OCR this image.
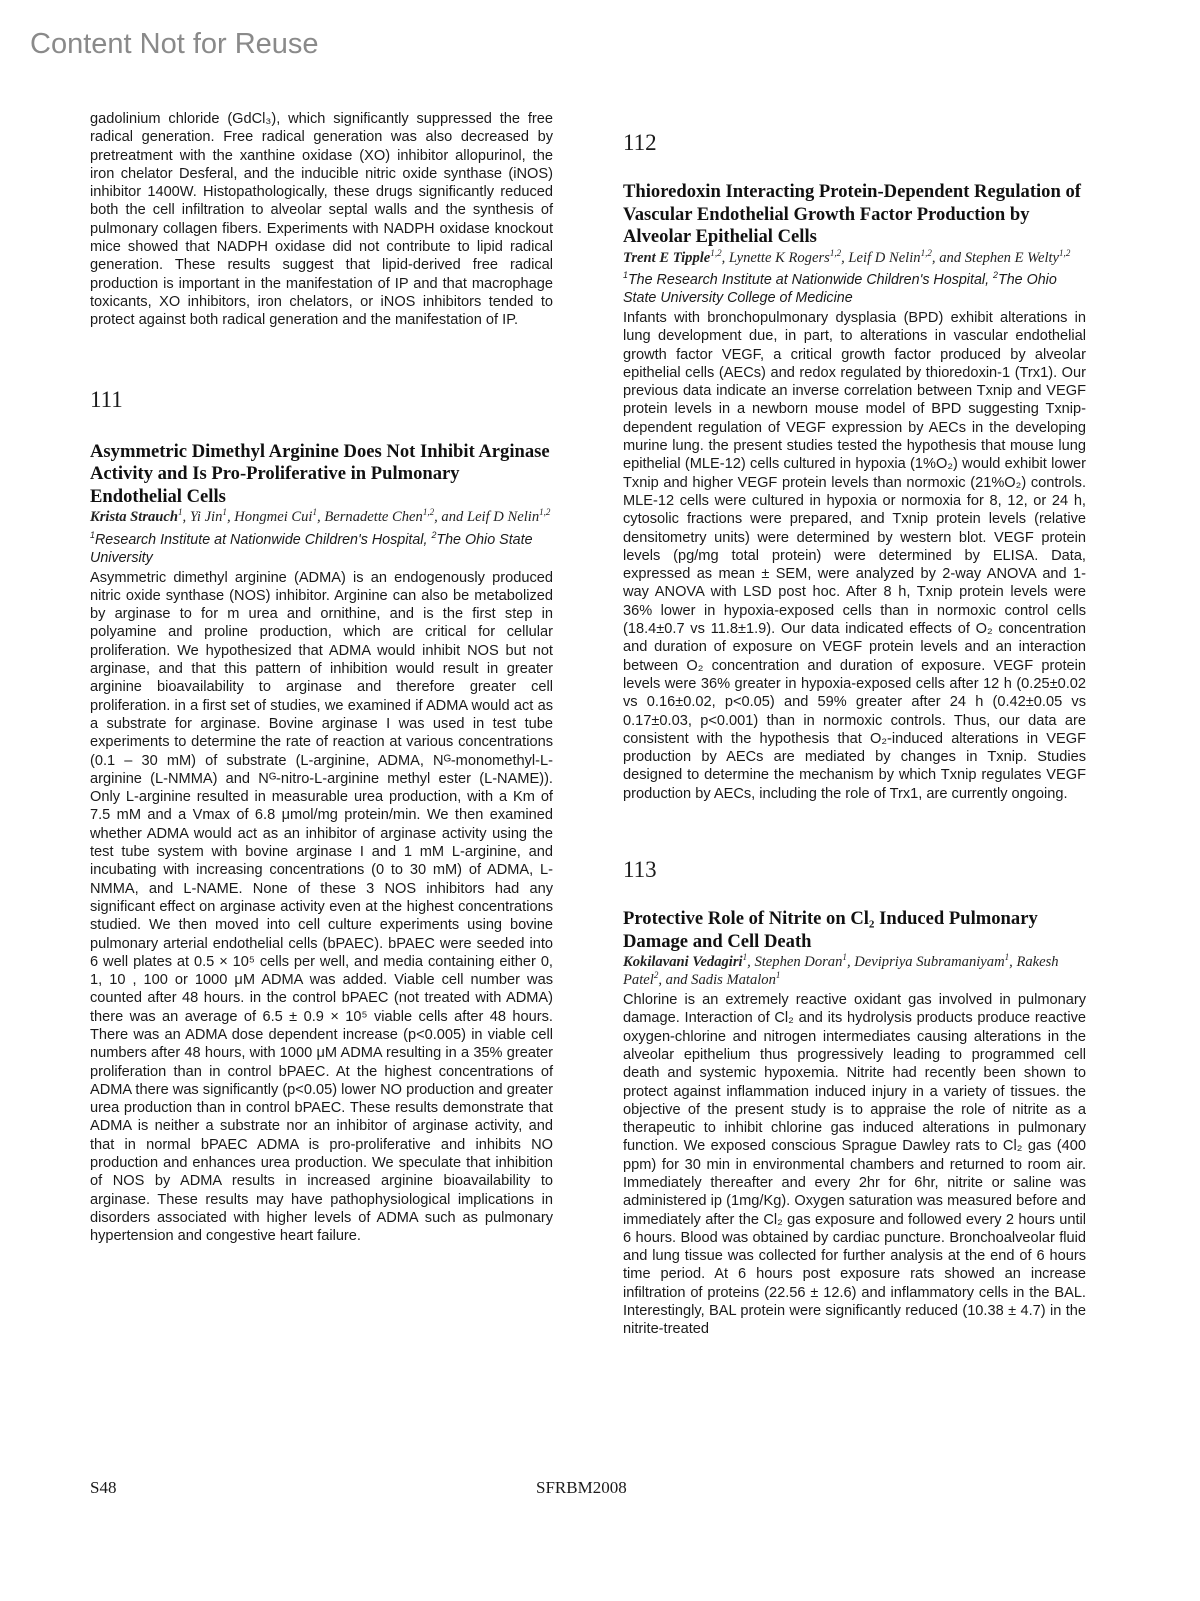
Content Not for Reuse

gadolinium chloride (GdCl₃), which significantly suppressed the free radical generation. Free radical generation was also decreased by pretreatment with the xanthine oxidase (XO) inhibitor allopurinol, the iron chelator Desferal, and the inducible nitric oxide synthase (iNOS) inhibitor 1400W. Histopathologically, these drugs significantly reduced both the cell infiltration to alveolar septal walls and the synthesis of pulmonary collagen fibers. Experiments with NADPH oxidase knockout mice showed that NADPH oxidase did not contribute to lipid radical generation. These results suggest that lipid-derived free radical production is important in the manifestation of IP and that macrophage toxicants, XO inhibitors, iron chelators, or iNOS inhibitors tended to protect against both radical generation and the manifestation of IP.

111
Asymmetric Dimethyl Arginine Does Not Inhibit Arginase Activity and Is Pro-Proliferative in Pulmonary Endothelial Cells
Krista Strauch$^1$, Yi Jin$^1$, Hongmei Cui$^1$, Bernadette Chen$^{1,2}$, and Leif D Nelin$^{1,2}$
$^1$Research Institute at Nationwide Children's Hospital, $^2$The Ohio State University

Asymmetric dimethyl arginine (ADMA) is an endogenously produced nitric oxide synthase (NOS) inhibitor. Arginine can also be metabolized by arginase to for m urea and ornithine, and is the first step in polyamine and proline production, which are critical for cellular proliferation. We hypothesized that ADMA would inhibit NOS but not arginase, and that this pattern of inhibition would result in greater arginine bioavailability to arginase and therefore greater cell proliferation. in a first set of studies, we examined if ADMA would act as a substrate for arginase. Bovine arginase I was used in test tube experiments to determine the rate of reaction at various concentrations (0.1 – 30 mM) of substrate (L-arginine, ADMA, Nᴳ-monomethyl-L-arginine (L-NMMA) and Nᴳ-nitro-L-arginine methyl ester (L-NAME)). Only L-arginine resulted in measurable urea production, with a Km of 7.5 mM and a Vmax of 6.8 μmol/mg protein/min. We then examined whether ADMA would act as an inhibitor of arginase activity using the test tube system with bovine arginase I and 1 mM L-arginine, and incubating with increasing concentrations (0 to 30 mM) of ADMA, L-NMMA, and L-NAME. None of these 3 NOS inhibitors had any significant effect on arginase activity even at the highest concentrations studied. We then moved into cell culture experiments using bovine pulmonary arterial endothelial cells (bPAEC). bPAEC were seeded into 6 well plates at 0.5 × 10⁵ cells per well, and media containing either 0, 1, 10 , 100 or 1000 μM ADMA was added. Viable cell number was counted after 48 hours. in the control bPAEC (not treated with ADMA) there was an average of 6.5 ± 0.9 × 10⁵ viable cells after 48 hours. There was an ADMA dose dependent increase (p<0.005) in viable cell numbers after 48 hours, with 1000 μM ADMA resulting in a 35% greater proliferation than in control bPAEC. At the highest concentrations of ADMA there was significantly (p<0.05) lower NO production and greater urea production than in control bPAEC. These results demonstrate that ADMA is neither a substrate nor an inhibitor of arginase activity, and that in normal bPAEC ADMA is pro-proliferative and inhibits NO production and enhances urea production. We speculate that inhibition of NOS by ADMA results in increased arginine bioavailability to arginase. These results may have pathophysiological implications in disorders associated with higher levels of ADMA such as pulmonary hypertension and congestive heart failure.

112
Thioredoxin Interacting Protein-Dependent Regulation of Vascular Endothelial Growth Factor Production by Alveolar Epithelial Cells
Trent E Tipple$^{1,2}$, Lynette K Rogers$^{1,2}$, Leif D Nelin$^{1,2}$, and Stephen E Welty$^{1,2}$
$^1$The Research Institute at Nationwide Children's Hospital, $^2$The Ohio State University College of Medicine

Infants with bronchopulmonary dysplasia (BPD) exhibit alterations in lung development due, in part, to alterations in vascular endothelial growth factor VEGF, a critical growth factor produced by alveolar epithelial cells (AECs) and redox regulated by thioredoxin-1 (Trx1). Our previous data indicate an inverse correlation between Txnip and VEGF protein levels in a newborn mouse model of BPD suggesting Txnip-dependent regulation of VEGF expression by AECs in the developing murine lung. the present studies tested the hypothesis that mouse lung epithelial (MLE-12) cells cultured in hypoxia (1%O₂) would exhibit lower Txnip and higher VEGF protein levels than normoxic (21%O₂) controls. MLE-12 cells were cultured in hypoxia or normoxia for 8, 12, or 24 h, cytosolic fractions were prepared, and Txnip protein levels (relative densitometry units) were determined by western blot. VEGF protein levels (pg/mg total protein) were determined by ELISA. Data, expressed as mean ± SEM, were analyzed by 2-way ANOVA and 1-way ANOVA with LSD post hoc. After 8 h, Txnip protein levels were 36% lower in hypoxia-exposed cells than in normoxic control cells (18.4±0.7 vs 11.8±1.9). Our data indicated effects of O₂ concentration and duration of exposure on VEGF protein levels and an interaction between O₂ concentration and duration of exposure. VEGF protein levels were 36% greater in hypoxia-exposed cells after 12 h (0.25±0.02 vs 0.16±0.02, p<0.05) and 59% greater after 24 h (0.42±0.05 vs 0.17±0.03, p<0.001) than in normoxic controls. Thus, our data are consistent with the hypothesis that O₂-induced alterations in VEGF production by AECs are mediated by changes in Txnip. Studies designed to determine the mechanism by which Txnip regulates VEGF production by AECs, including the role of Trx1, are currently ongoing.

113
Protective Role of Nitrite on Cl₂ Induced Pulmonary Damage and Cell Death
Kokilavani Vedagiri$^1$, Stephen Doran$^1$, Devipriya Subramaniyam$^1$, Rakesh Patel$^2$, and Sadis Matalon$^1$

Chlorine is an extremely reactive oxidant gas involved in pulmonary damage. Interaction of Cl₂ and its hydrolysis products produce reactive oxygen-chlorine and nitrogen intermediates causing alterations in the alveolar epithelium thus progressively leading to programmed cell death and systemic hypoxemia. Nitrite had recently been shown to protect against inflammation induced injury in a variety of tissues. the objective of the present study is to appraise the role of nitrite as a therapeutic to inhibit chlorine gas induced alterations in pulmonary function. We exposed conscious Sprague Dawley rats to Cl₂ gas (400 ppm) for 30 min in environmental chambers and returned to room air. Immediately thereafter and every 2hr for 6hr, nitrite or saline was administered ip (1mg/Kg). Oxygen saturation was measured before and immediately after the Cl₂ gas exposure and followed every 2 hours until 6 hours. Blood was obtained by cardiac puncture. Bronchoalveolar fluid and lung tissue was collected for further analysis at the end of 6 hours time period. At 6 hours post exposure rats showed an increase infiltration of proteins (22.56 ± 12.6) and inflammatory cells in the BAL. Interestingly, BAL protein were significantly reduced (10.38 ± 4.7) in the nitrite-treated

S48	SFRBM2008
